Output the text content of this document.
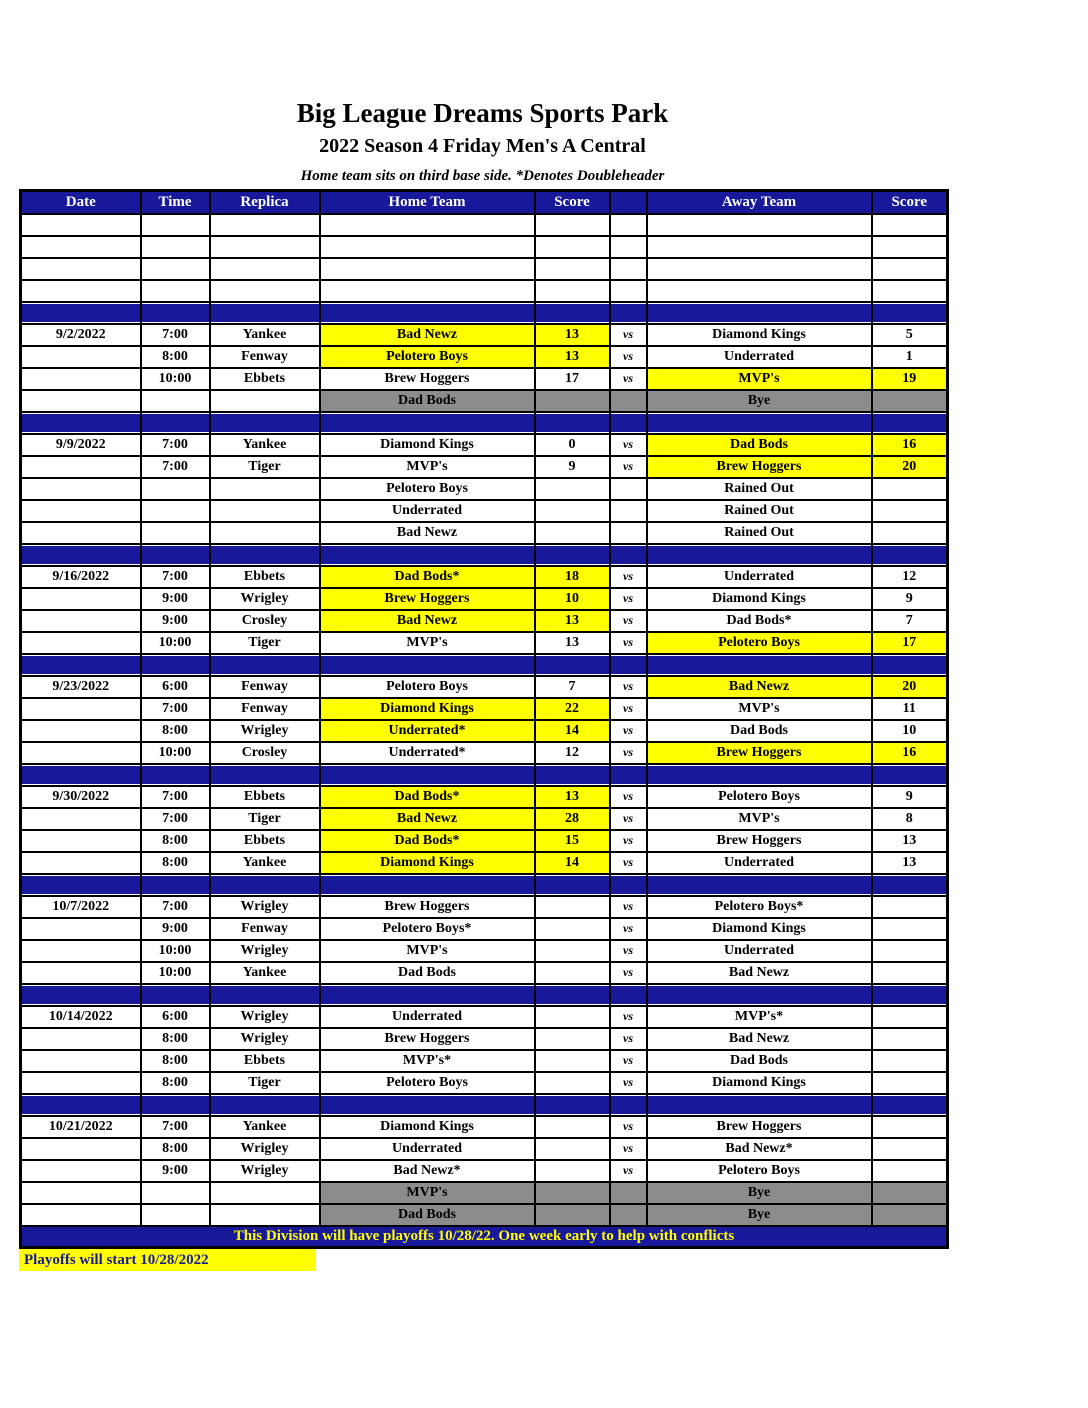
Big League Dreams Sports Park
2022 Season 4 Friday Men's A Central
Home team sits on third base side. *Denotes Doubleheader
Date	Time	Replica	Home Team	Score		Away Team	Score

9/2/2022	7:00	Yankee	Bad Newz	13	vs	Diamond Kings	5
	8:00	Fenway	Pelotero Boys	13	vs	Underrated	1
	10:00	Ebbets	Brew Hoggers	17	vs	MVP's	19
			Dad Bods			Bye	

9/9/2022	7:00	Yankee	Diamond Kings	0	vs	Dad Bods	16
	7:00	Tiger	MVP's	9	vs	Brew Hoggers	20
			Pelotero Boys			Rained Out	
			Underrated			Rained Out	
			Bad Newz			Rained Out	

9/16/2022	7:00	Ebbets	Dad Bods*	18	vs	Underrated	12
	9:00	Wrigley	Brew Hoggers	10	vs	Diamond Kings	9
	9:00	Crosley	Bad Newz	13	vs	Dad Bods*	7
	10:00	Tiger	MVP's	13	vs	Pelotero Boys	17

9/23/2022	6:00	Fenway	Pelotero Boys	7	vs	Bad Newz	20
	7:00	Fenway	Diamond Kings	22	vs	MVP's	11
	8:00	Wrigley	Underrated*	14	vs	Dad Bods	10
	10:00	Crosley	Underrated*	12	vs	Brew Hoggers	16

9/30/2022	7:00	Ebbets	Dad Bods*	13	vs	Pelotero Boys	9
	7:00	Tiger	Bad Newz	28	vs	MVP's	8
	8:00	Ebbets	Dad Bods*	15	vs	Brew Hoggers	13
	8:00	Yankee	Diamond Kings	14	vs	Underrated	13

10/7/2022	7:00	Wrigley	Brew Hoggers		vs	Pelotero Boys*	
	9:00	Fenway	Pelotero Boys*		vs	Diamond Kings	
	10:00	Wrigley	MVP's		vs	Underrated	
	10:00	Yankee	Dad Bods		vs	Bad Newz	

10/14/2022	6:00	Wrigley	Underrated		vs	MVP's*	
	8:00	Wrigley	Brew Hoggers		vs	Bad Newz	
	8:00	Ebbets	MVP's*		vs	Dad Bods	
	8:00	Tiger	Pelotero Boys		vs	Diamond Kings	

10/21/2022	7:00	Yankee	Diamond Kings		vs	Brew Hoggers	
	8:00	Wrigley	Underrated		vs	Bad Newz*	
	9:00	Wrigley	Bad Newz*		vs	Pelotero Boys	
			MVP's			Bye	
			Dad Bods			Bye	
This Division will have playoffs 10/28/22. One week early to help with conflicts							
Playoffs will start 10/28/2022
